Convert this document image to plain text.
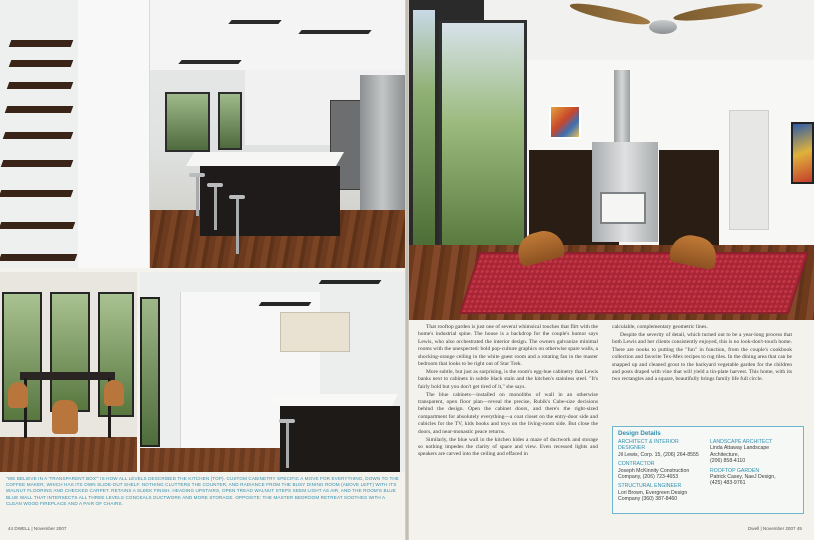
"WE BELIEVE IN A 'TRANSPARENT BOX'" IS HOW ALL LEVELS DESCRIBED THE KITCHEN (TOP). CUSTOM CABINETRY SPECIFIC A MOVE FOR EVERYTHING, DOWN TO THE COFFEE MAKER, WHICH HAS ITS OWN SLIDE-OUT SHELF. NOTHING CLUTTERS THE COUNTER, AND RADIANCE FROM THE BUSY DINING ROOM (ABOVE LEFT) WITH ITS WALNUT FLOORING AND CHECKED CARPET. RETAINS A SLEEK FINISH. HEADING UPSTAIRS, OPEN TREAD WALNUT STEPS SEEM LIGHT AS AIR, AND THE ROOM'S BLUE BLUE WALL THAT INTERSECTS ALL THREE LEVELS CONCEALS DUCTWORK AND MORE STORAGE. OPPOSITE: THE MASTER BEDROOM RETREAT SOOTHES WITH A CLEAN WOOD FIREPLACE AND A PAIR OF CHAIRS.

That rooftop garden is just one of several whimsical touches that flirt with the home's industrial spine. The house is a backdrop for the couple's humor says Lewis, who also orchestrated the interior design. The owners galvanize minimal rooms with the unexpected: bold pop-culture graphics on otherwise spare walls, a shocking-orange ceiling in the white guest room and a rotating fan in the master bedroom that looks to be right out of Star Trek.

More subtle, but just as surprising, is the room's egg-hue cabinetry that Lewis banks next to cabinets in subtle black stain and the kitchen's stainless steel. "It's fairly bold but you don't get tired of it," she says.

The blue cabinets—installed on monoliths of wall in an otherwise transparent, open floor plan—reveal the precise, Rubik's Cube-size decisions behind the design. Open the cabinet doors, and there's the right-sized compartment for absolutely everything—a coat closet on the entry-door side and cubicles for the TV, kids books and toys on the living-room side. But close the doors, and near-monastic peace returns.

Similarly, the blue wall in the kitchen hides a maze of ductwork and storage so nothing impedes the clarity of space and view. Even recessed lights and speakers are carved into the ceiling and effaced in

calculable, complementary geometric lines.

Despite the severity of detail, which turned out to be a year-long process that both Lewis and her clients consistently enjoyed, this is no look-don't-touch home. There are nooks to putting the "fun" in function, from the couple's cookbook collection and favorite Tex-Mex recipes to rug tiles. In the dining area that can be snapped up and cleaned grout to the backyard vegetable garden for the children and posts draped with vine that will yield a tin-plate harvest. This home, with its two rectangles and a square, beautifully brings family life full circle.

Design Details
ARCHITECT & INTERIOR DESIGNER
Jil Lewis, Corp. 15, (206) 264-8555
CONTRACTOR
Joseph McKinnity Construction
Company, (206) 723-4653
STRUCTURAL ENGINEER
Lori Brown, Evergreen Design
Company (360) 387-8460
LANDSCAPE ARCHITECT
Linda Attaway Landscape
Architecture,
(206) 858-4110
ROOFTOP GARDEN
Patrick Casey, NaeJ Design,
(425) 483-9761
44 DWELL | November 2007	Dwell | November 2007 45
